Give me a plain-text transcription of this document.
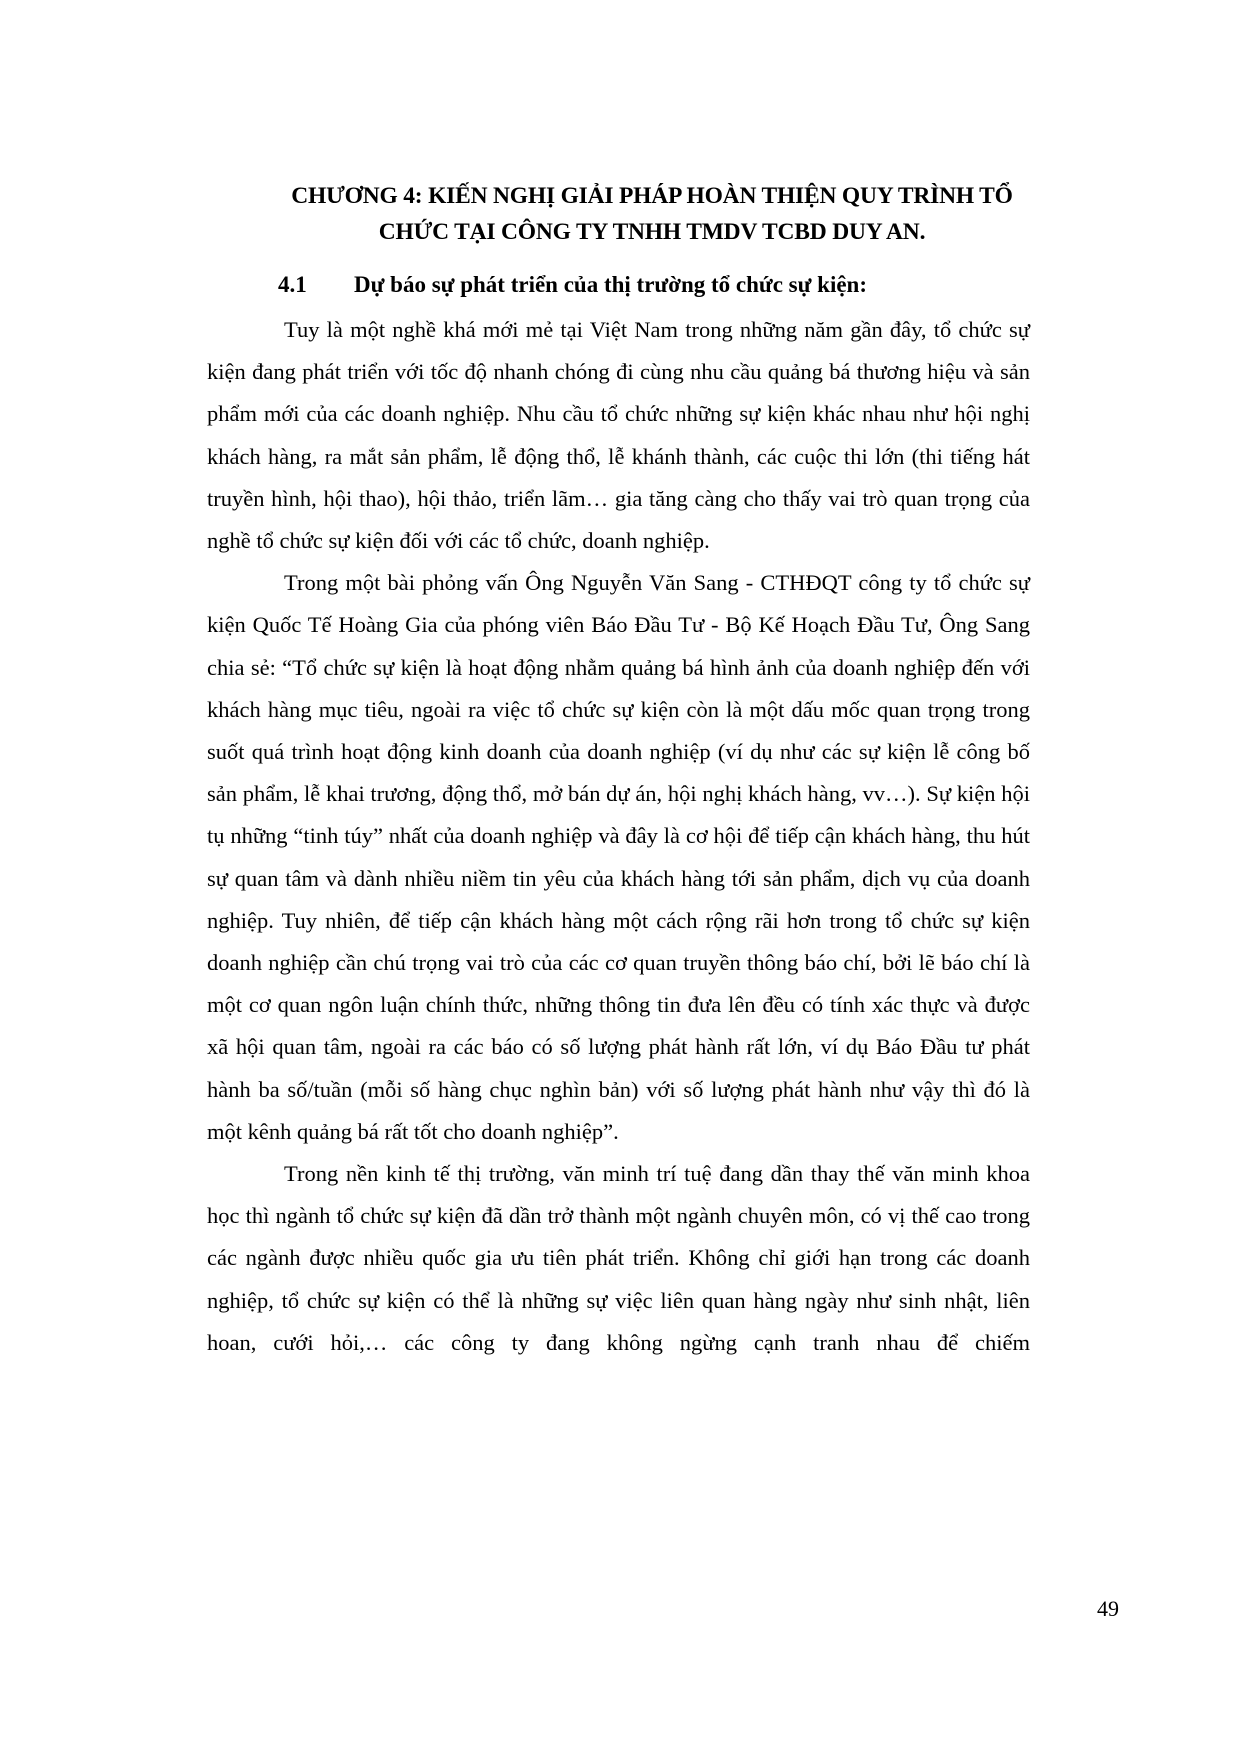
CHƯƠNG 4: KIẾN NGHỊ GIẢI PHÁP HOÀN THIỆN QUY TRÌNH TỔ
CHỨC TẠI CÔNG TY TNHH TMDV TCBD DUY AN.
4.1 Dự báo sự phát triển của thị trường tổ chức sự kiện:

Tuy là một nghề khá mới mẻ tại Việt Nam trong những năm gần đây, tổ chức sự kiện đang phát triển với tốc độ nhanh chóng đi cùng nhu cầu quảng bá thương hiệu và sản phẩm mới của các doanh nghiệp. Nhu cầu tổ chức những sự kiện khác nhau như hội nghị khách hàng, ra mắt sản phẩm, lễ động thổ, lễ khánh thành, các cuộc thi lớn (thi tiếng hát truyền hình, hội thao), hội thảo, triển lãm… gia tăng càng cho thấy vai trò quan trọng của nghề tổ chức sự kiện đối với các tổ chức, doanh nghiệp.

Trong một bài phỏng vấn Ông Nguyễn Văn Sang - CTHĐQT công ty tổ chức sự kiện Quốc Tế Hoàng Gia của phóng viên Báo Đầu Tư - Bộ Kế Hoạch Đầu Tư, Ông Sang chia sẻ: “Tổ chức sự kiện là hoạt động nhằm quảng bá hình ảnh của doanh nghiệp đến với khách hàng mục tiêu, ngoài ra việc tổ chức sự kiện còn là một dấu mốc quan trọng trong suốt quá trình hoạt động kinh doanh của doanh nghiệp (ví dụ như các sự kiện lễ công bố sản phẩm, lễ khai trương, động thổ, mở bán dự án, hội nghị khách hàng, vv…). Sự kiện hội tụ những “tinh túy” nhất của doanh nghiệp và đây là cơ hội để tiếp cận khách hàng, thu hút sự quan tâm và dành nhiều niềm tin yêu của khách hàng tới sản phẩm, dịch vụ của doanh nghiệp. Tuy nhiên, để tiếp cận khách hàng một cách rộng rãi hơn trong tổ chức sự kiện doanh nghiệp cần chú trọng vai trò của các cơ quan truyền thông báo chí, bởi lẽ báo chí là một cơ quan ngôn luận chính thức, những thông tin đưa lên đều có tính xác thực và được xã hội quan tâm, ngoài ra các báo có số lượng phát hành rất lớn, ví dụ Báo Đầu tư phát hành ba số/tuần (mỗi số hàng chục nghìn bản) với số lượng phát hành như vậy thì đó là một kênh quảng bá rất tốt cho doanh nghiệp”.

Trong nền kinh tế thị trường, văn minh trí tuệ đang dần thay thế văn minh khoa học thì ngành tổ chức sự kiện đã dần trở thành một ngành chuyên môn, có vị thế cao trong các ngành được nhiều quốc gia ưu tiên phát triển. Không chỉ giới hạn trong các doanh nghiệp, tổ chức sự kiện có thể là những sự việc liên quan hàng ngày như sinh nhật, liên hoan, cưới hỏi,… các công ty đang không ngừng cạnh tranh nhau để chiếm

49
